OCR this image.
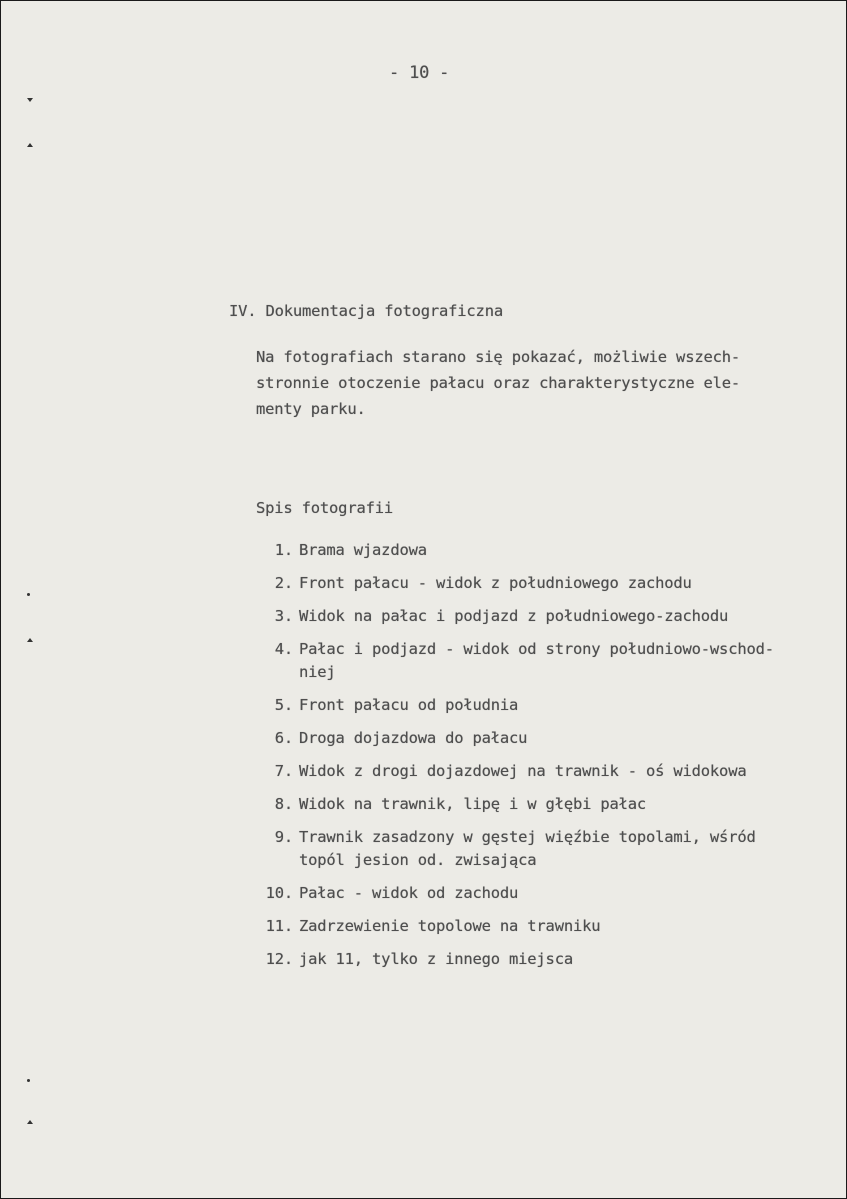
- 10 -
IV. Dokumentacja fotograficzna
Na fotografiach starano się pokazać, możliwie wszech-
stronnie otoczenie pałacu oraz charakterystyczne ele-
menty parku.
Spis fotografii
1. Brama wjazdowa
2. Front pałacu - widok z południowego zachodu
3. Widok na pałac i podjazd z południowego-zachodu
4. Pałac i podjazd - widok od strony południowo-wschod-
niej
5. Front pałacu od południa
6. Droga dojazdowa do pałacu
7. Widok z drogi dojazdowej na trawnik - oś widokowa
8. Widok na trawnik, lipę i w głębi pałac
9. Trawnik zasadzony w gęstej więźbie topolami, wśród
topól jesion od. zwisająca
10. Pałac - widok od zachodu
11. Zadrzewienie topolowe na trawniku
12. jak 11, tylko z innego miejsca
